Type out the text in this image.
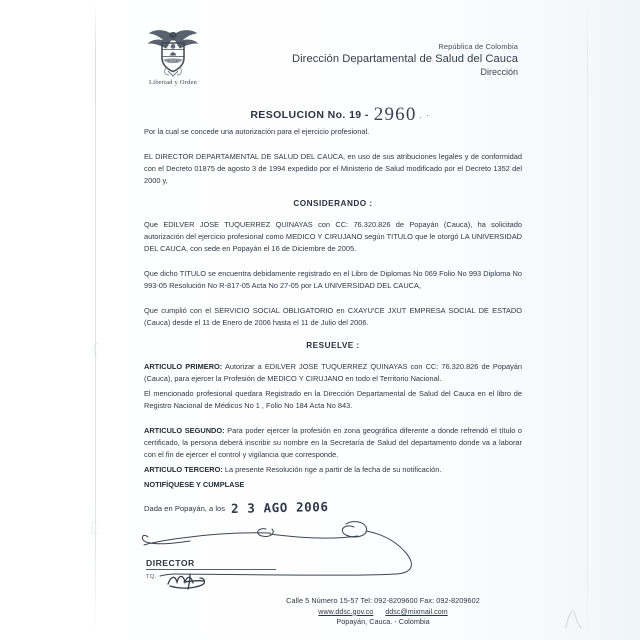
Libertad y Orden
República de Colombia
Dirección Departamental de Salud del Cauca
Dirección
RESOLUCION No. 19 - 2960 . ·

Por la cual se concede una autorización para el ejercicio profesional.

EL DIRECTOR DEPARTAMENTAL DE SALUD DEL CAUCA, en uso de sus atribuciones legales y de conformidad con el Decreto 01875 de agosto 3 de 1994 expedido por el Ministerio de Salud modificado por el Decreto 1352 del 2000 y,

CONSIDERANDO :

Que EDILVER JOSE TUQUERREZ QUINAYAS con CC: 76.320.826 de Popayán (Cauca), ha solicitado autorización del ejercicio profesional como MEDICO Y CIRUJANO según TITULO que le otorgó LA UNIVERSIDAD DEL CAUCA, con sede en Popayán el 16 de Diciembre de 2005.

Que dicho TITULO se encuentra debidamente registrado en el Libro de Diplomas No 069 Folio No 993 Diploma No 993-05 Resolución No R-817-05 Acta No 27-05 por LA UNIVERSIDAD DEL CAUCA,

Que cumplió con el SERVICIO SOCIAL OBLIGATORIO en CXAYU'CE JXUT EMPRESA SOCIAL DE ESTADO (Cauca) desde el 11 de Enero de 2006 hasta el 11 de Julio del 2006.

RESUELVE :

ARTICULO PRIMERO: Autorizar a EDILVER JOSE TUQUERREZ QUINAYAS con CC: 76.320.826 de Popayán (Cauca), para ejercer la Profesión de MEDICO Y CIRUJANO en todo el Territorio Nacional.

El mencionado profesional quedara Registrado en la Dirección Departamental de Salud del Cauca en el libro de Registro Nacional de Médicos No 1 , Folio No 184 Acta No 843.

ARTICULO SEGUNDO: Para poder ejercer la profesión en zona geográfica diferente a donde refrendó el título o certificado, la persona deberá inscribir su nombre en la Secretaría de Salud del departamento donde va a laborar con el fin de ejercer el control y vigilancia que corresponde.

ARTICULO TERCERO: La presente Resolución rige a partir de la fecha de su notificación.

NOTIFÍQUESE Y CUMPLASE

Dada en Popayán, a los 2 3 AGO 2006
DIRECTOR
TQ.
Calle 5 Número 15-57 Tel: 092-8209600 Fax: 092-8209602
www.ddsc.gov.co ddsc@mixmail.com
Popayán, Cauca. - Colombia
